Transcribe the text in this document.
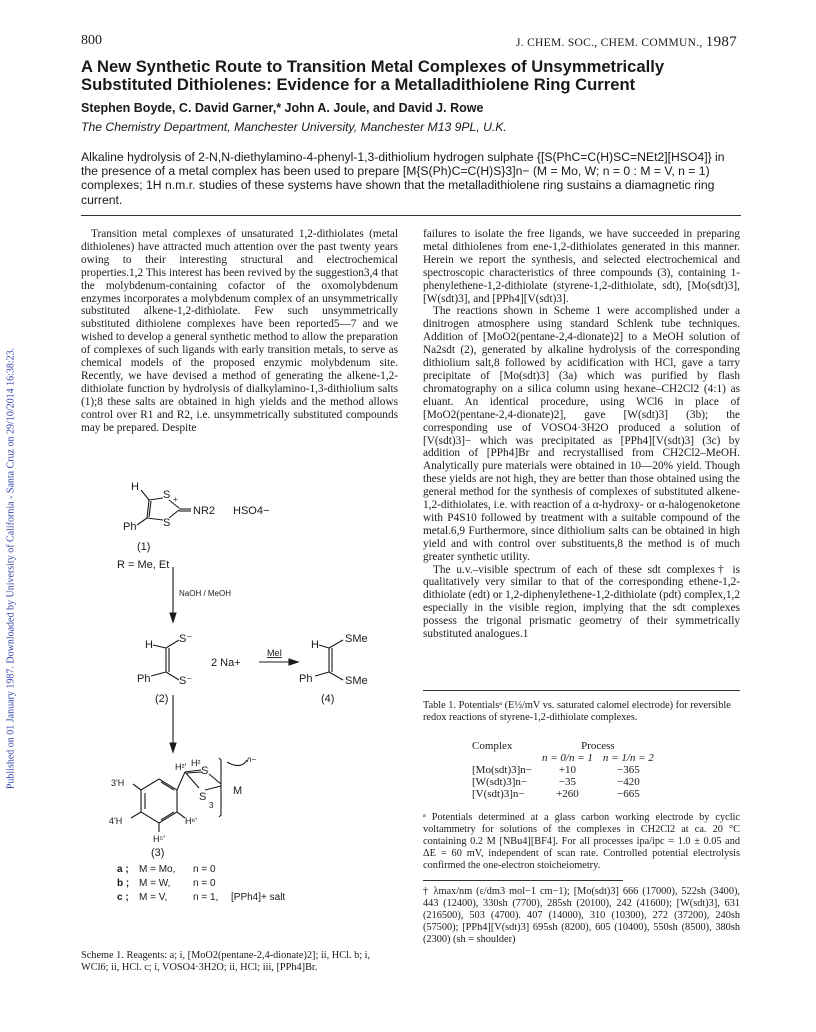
Published on 01 January 1987. Downloaded by University of California - Santa Cruz on 29/10/2014 16:38:23.
800	J. CHEM. SOC., CHEM. COMMUN., 1987
A New Synthetic Route to Transition Metal Complexes of Unsymmetrically Substituted Dithiolenes: Evidence for a Metalladithiolene Ring Current
Stephen Boyde, C. David Garner,* John A. Joule, and David J. Rowe
The Chemistry Department, Manchester University, Manchester M13 9PL, U.K.
Alkaline hydrolysis of 2-N,N-diethylamino-4-phenyl-1,3-dithiolium hydrogen sulphate {[S(PhC=C(H)SC=NEt2][HSO4]} in the presence of a metal complex has been used to prepare [M{S(Ph)C=C(H)S}3]n− (M = Mo, W; n = 0 : M = V, n = 1) complexes; 1H n.m.r. studies of these systems have shown that the metalladithiolene ring sustains a diamagnetic ring current.

Transition metal complexes of unsaturated 1,2-dithiolates (metal dithiolenes) have attracted much attention over the past twenty years owing to their interesting structural and electrochemical properties.1,2 This interest has been revived by the suggestion3,4 that the molybdenum-containing cofactor of the oxomolybdenum enzymes incorporates a molybdenum complex of an unsymmetrically substituted alkene-1,2-dithiolate. Few such unsymmetrically substituted dithiolene complexes have been reported5—7 and we wished to develop a general synthetic method to allow the preparation of complexes of such ligands with early transition metals, to serve as chemical models of the proposed enzymic molybdenum site. Recently, we have devised a method of generating the alkene-1,2-dithiolate function by hydrolysis of dialkylamino-1,3-dithiolium salts (1);8 these salts are obtained in high yields and the method allows control over R1 and R2, i.e. unsymmetrically substituted compounds may be prepared. Despite

H
S
S
+
NR2 HSO4−
Ph
(1)
R = Me, Et
NaOH / MeOH
H S⁻
S⁻
Ph
2 Na+
MeI
H SMe
SMe
Ph
(2)	(4)
H²' H²
S
S
3
M
n−
3'H
4'H	H⁶'
H⁵'
(3)
a ; M = Mo, n = 0
b ; M = W, n = 0
c ; M = V,	n = 1, [PPh4]+ salt
Scheme 1. Reagents: a; i, [MoO2(pentane-2,4-dionate)2]; ii, HCl. b; i, WCl6; ii, HCl. c; i, VOSO4·3H2O; ii, HCl; iii, [PPh4]Br.

failures to isolate the free ligands, we have succeeded in preparing metal dithiolenes from ene-1,2-dithiolates generated in this manner. Herein we report the synthesis, and selected electrochemical and spectroscopic characteristics of three compounds (3), containing 1-phenylethene-1,2-dithiolate (styrene-1,2-dithiolate, sdt), [Mo(sdt)3], [W(sdt)3], and [PPh4][V(sdt)3].

The reactions shown in Scheme 1 were accomplished under a dinitrogen atmosphere using standard Schlenk tube techniques. Addition of [MoO2(pentane-2,4-dionate)2] to a MeOH solution of Na2sdt (2), generated by alkaline hydrolysis of the corresponding dithiolium salt,8 followed by acidification with HCl, gave a tarry precipitate of [Mo(sdt)3] (3a) which was purified by flash chromatography on a silica column using hexane–CH2Cl2 (4:1) as eluant. An identical procedure, using WCl6 in place of [MoO2(pentane-2,4-dionate)2], gave [W(sdt)3] (3b); the corresponding use of VOSO4·3H2O produced a solution of [V(sdt)3]− which was precipitated as [PPh4][V(sdt)3] (3c) by addition of [PPh4]Br and recrystallised from CH2Cl2–MeOH. Analytically pure materials were obtained in 10—20% yield. Though these yields are not high, they are better than those obtained using the general method for the synthesis of complexes of substituted alkene-1,2-dithiolates, i.e. with reaction of a α-hydroxy- or α-halogenoketone with P4S10 followed by treatment with a suitable compound of the metal.6,9 Furthermore, since dithiolium salts can be obtained in high yield and with control over substituents,8 the method is of much greater synthetic utility.

The u.v.–visible spectrum of each of these sdt complexes† is qualitatively very similar to that of the corresponding ethene-1,2-dithiolate (edt) or 1,2-diphenylethene-1,2-dithiolate (pdt) complex,1,2 especially in the visible region, implying that the sdt complexes possess the trigonal prismatic geometry of their symmetrically substituted analogues.1

Table 1. Potentialsᵃ (E½/mV vs. saturated calomel electrode) for reversible redox reactions of styrene-1,2-dithiolate complexes.
Complex	Process	
	n = 0/n = 1	n = 1/n = 2
[Mo(sdt)3]n−	+10	−365
[W(sdt)3]n−	−35	−420
[V(sdt)3]n−	+260	−665
ᵃ Potentials determined at a glass carbon working electrode by cyclic voltammetry for solutions of the complexes in CH2Cl2 at ca. 20 °C containing 0.2 M [NBu4][BF4]. For all processes ipa/ipc = 1.0 ± 0.05 and ΔE = 60 mV, independent of scan rate. Controlled potential electrolysis confirmed the one-electron stoicheiometry.
† λmax/nm (ε/dm3 mol−1 cm−1); [Mo(sdt)3] 666 (17000), 522sh (3400), 443 (12400), 330sh (7700), 285sh (20100), 242 (41600); [W(sdt)3], 631 (216500), 503 (4700). 407 (14000), 310 (10300), 272 (37200), 240sh (57500); [PPh4][V(sdt)3] 695sh (8200), 605 (10400), 550sh (8500), 380sh (2300) (sh = shoulder)
